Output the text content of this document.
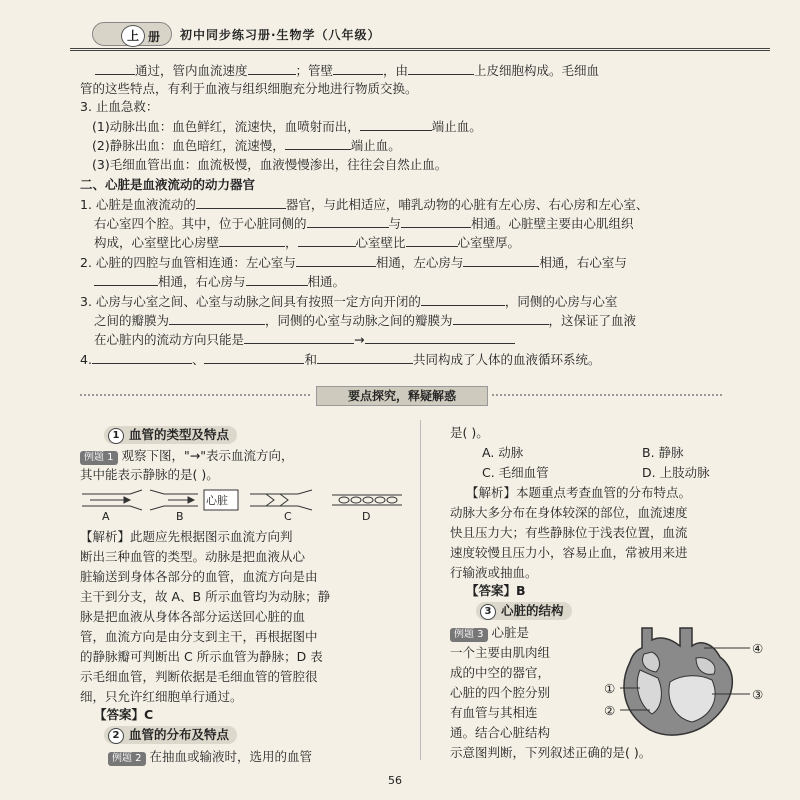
上 册 初中同步练习册·生物学（八年级）
通过，管内血流速度	；管壁	，由	上皮细胞构成。毛细血
管的这些特点，有利于血液与组织细胞充分地进行物质交换。
3. 止血急救：
(1)动脉出血：血色鲜红，流速快，血喷射而出，	端止血。
(2)静脉出血：血色暗红，流速慢，	端止血。
(3)毛细血管出血：血流极慢，血液慢慢渗出，往往会自然止血。
二、心脏是血液流动的动力器官
1. 心脏是血液流动的	器官，与此相适应，哺乳动物的心脏有左心房、右心房和左心室、
右心室四个腔。其中，位于心脏同侧的	与	相通。心脏壁主要由心肌组织
构成，心室壁比心房壁	，	心室壁比	心室壁厚。
2. 心脏的四腔与血管相连通：左心室与	相通，左心房与	相通，右心室与
相通，右心房与	相通。
3. 心房与心室之间、心室与动脉之间具有按照一定方向开闭的	，同侧的心房与心室
之间的瓣膜为	，同侧的心室与动脉之间的瓣膜为	，这保证了血液
在心脏内的流动方向只能是	→
4.	、	和	共同构成了人体的血液循环系统。
要点探究，释疑解惑
1 血管的类型及特点
例题 1 观察下图，"→"表示血流方向，
其中能表示静脉的是( )。
心脏
A	B	C	D
【解析】此题应先根据图示血流方向判
断出三种血管的类型。动脉是把血液从心
脏输送到身体各部分的血管，血流方向是由
主干到分支，故 A、B 所示血管均为动脉；静
脉是把血液从身体各部分运送回心脏的血
管，血流方向是由分支到主干，再根据图中
的静脉瓣可判断出 C 所示血管为静脉；D 表
示毛细血管，判断依据是毛细血管的管腔很
细，只允许红细胞单行通过。
【答案】C
2 血管的分布及特点
例题 2 在抽血或输液时，选用的血管
是( )。
A. 动脉	B. 静脉
C. 毛细血管	D. 上肢动脉
【解析】本题重点考查血管的分布特点。
动脉大多分布在身体较深的部位，血流速度
快且压力大；有些静脉位于浅表位置，血流
速度较慢且压力小，容易止血，常被用来进
行输液或抽血。
【答案】B
3 心脏的结构
例题 3 心脏是
一个主要由肌肉组
成的中空的器官，
心脏的四个腔分别
有血管与其相连
通。结合心脏结构
示意图判断，下列叙述正确的是( )。
④
①	③
②
56
